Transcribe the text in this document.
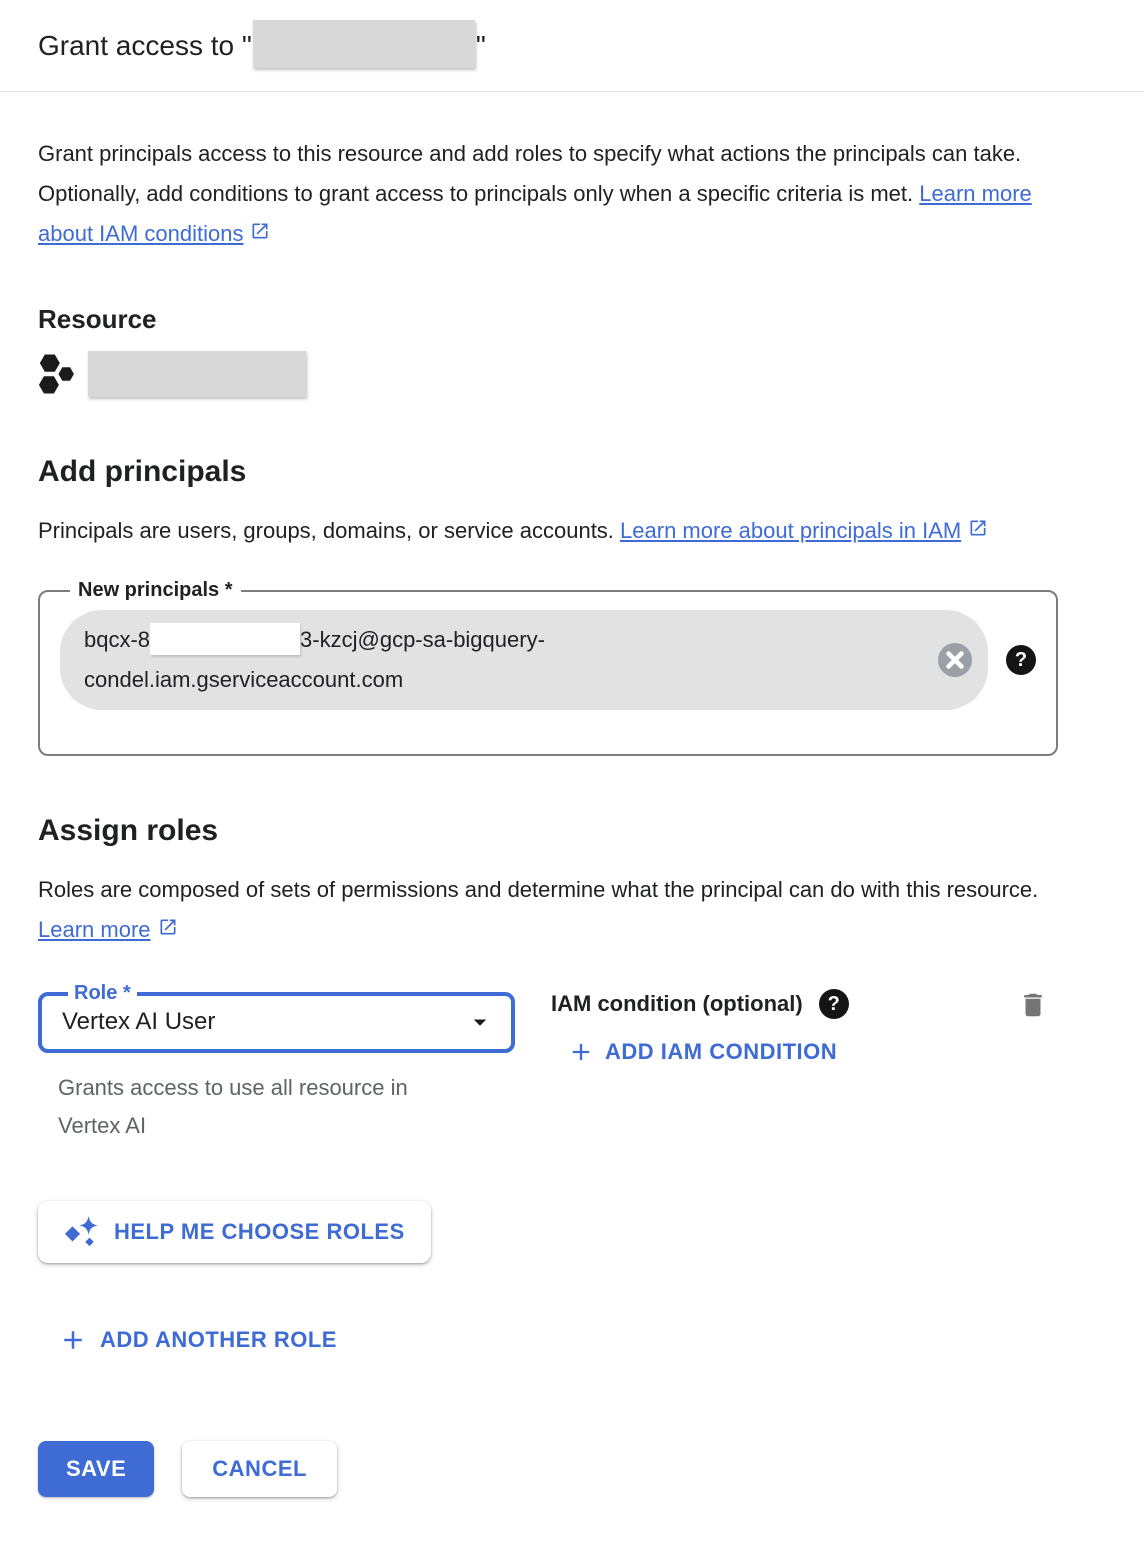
Grant access to "	"

Grant principals access to this resource and add roles to specify what actions the principals can take. Optionally, add conditions to grant access to principals only when a specific criteria is met. Learn more about IAM conditions

Resource
Add principals

Principals are users, groups, domains, or service accounts. Learn more about principals in IAM

New principals *
bqcx-8	3-kzcj@gcp-sa-bigquery-
condel.iam.gserviceaccount.com
?
Assign roles

Roles are composed of sets of permissions and determine what the principal can do with this resource. Learn more

Role *
Vertex AI User

Grants access to use all resource in Vertex AI

IAM condition (optional)	?
ADD IAM CONDITION
HELP ME CHOOSE ROLES
ADD ANOTHER ROLE
SAVE	CANCEL
